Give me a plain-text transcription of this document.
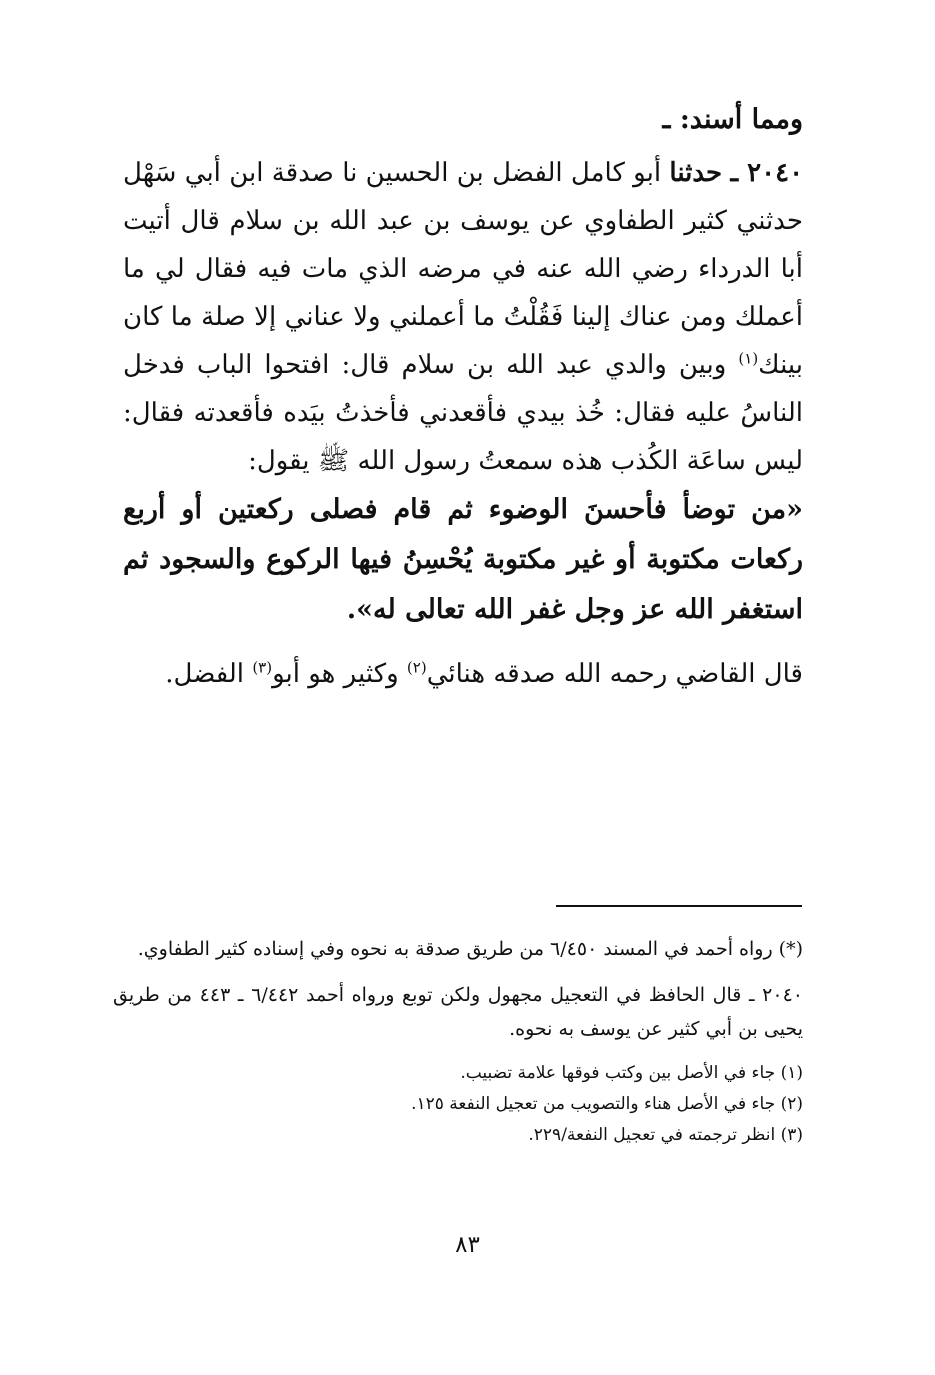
ومما أسند: ـ

٢٠٤٠ ـ حدثنا أبو كامل الفضل بن الحسين نا صدقة ابن أبي سَهْل حدثني كثير الطفاوي عن يوسف بن عبد الله بن سلام قال أتيت أبا الدرداء رضي الله عنه في مرضه الذي مات فيه فقال لي ما أعملك ومن عناك إلينا فَقُلْتُ ما أعملني ولا عناني إلا صلة ما كان بينك$^{(١)}$ وبين والدي عبد الله بن سلام قال: افتحوا الباب فدخل الناسُ عليه فقال: خُذ بيدي فأقعدني فأخذتُ بيَده فأقعدته فقال: ليس ساعَة الكُذب هذه سمعتُ رسول الله ﷺ يقول:

«من توضأ فأحسنَ الوضوء ثم قام فصلى ركعتين أو أربع ركعات مكتوبة أو غير مكتوبة يُحْسِنُ فيها الركوع والسجود ثم استغفر الله عز وجل غفر الله تعالى له».

قال القاضي رحمه الله صدقه هنائي$^{(٢)}$ وكثير هو أبو$^{(٣)}$ الفضل.

(*) رواه أحمد في المسند ٦/٤٥٠ من طريق صدقة به نحوه وفي إسناده كثير الطفاوي.

٢٠٤٠ ـ قال الحافظ في التعجيل مجهول ولكن توبع ورواه أحمد ٦/٤٤٢ ـ ٤٤٣ من طريق يحيى بن أبي كثير عن يوسف به نحوه.

(١) جاء في الأصل بين وكتب فوقها علامة تضبيب.
(٢) جاء في الأصل هناء والتصويب من تعجيل النفعة ١٢٥.
(٣) انظر ترجمته في تعجيل النفعة/٢٢٩.
٨٣
